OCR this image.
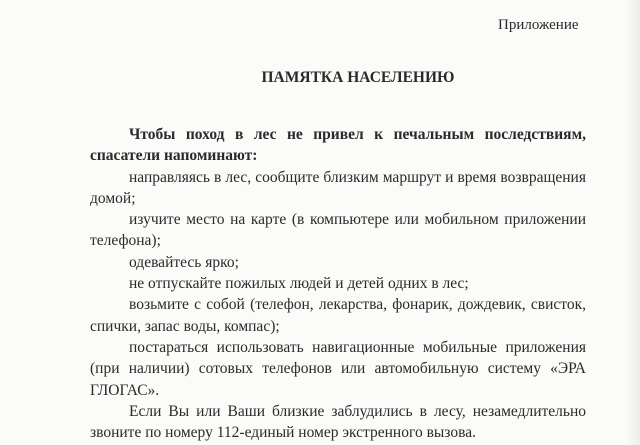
Приложение
ПАМЯТКА НАСЕЛЕНИЮ

Чтобы поход в лес не привел к печальным последствиям, спасатели напоминают:

направляясь в лес, сообщите близким маршрут и время возвращения домой;

изучите место на карте (в компьютере или мобильном приложении телефона);

одевайтесь ярко;

не отпускайте пожилых людей и детей одних в лес;

возьмите с собой (телефон, лекарства, фонарик, дождевик, свисток, спички, запас воды, компас);

постараться использовать навигационные мобильные приложения (при наличии) сотовых телефонов или автомобильную систему «ЭРА ГЛОГАС».

Если Вы или Ваши близкие заблудились в лесу, незамедлительно звоните по номеру 112-единый номер экстренного вызова.
